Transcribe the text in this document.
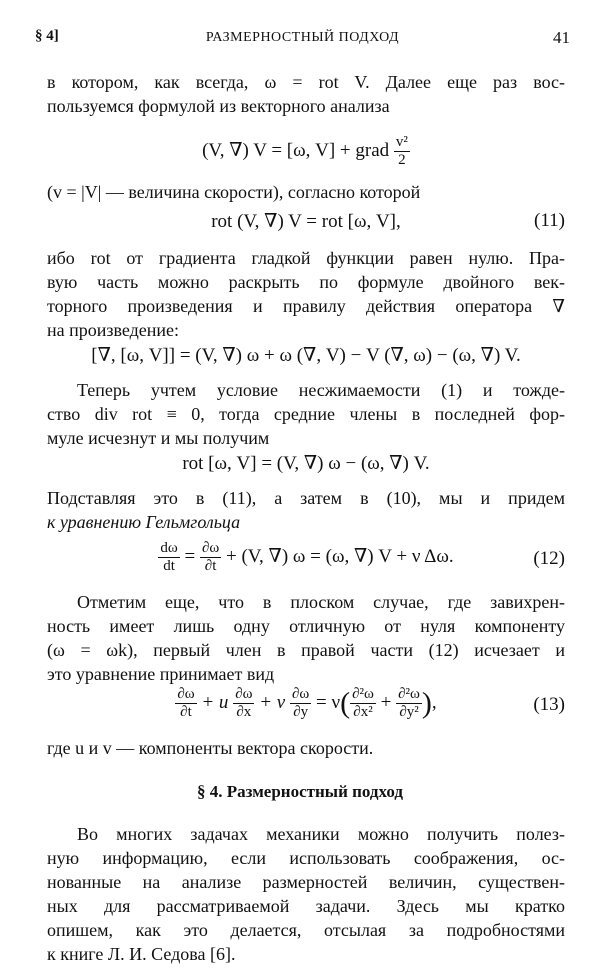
§ 4]	РАЗМЕРНОСТНЫЙ ПОДХОД	41
в котором, как всегда, ω = rot V. Далее еще раз вос-
пользуемся формулой из векторного анализа
(V, ∇) V = [ω, V] + grad $\frac{\text{v²}}{2}$
(v = |V| — величина скорости), согласно которой
rot (V, ∇) V = rot [ω, V],	(11)
ибо rot от градиента гладкой функции равен нулю. Пра-
вую часть можно раскрыть по формуле двойного век-
торного произведения и правилу действия оператора ∇
на произведение:
[∇, [ω, V]] = (V, ∇) ω + ω (∇, V) − V (∇, ω) − (ω, ∇) V.
Теперь учтем условие несжимаемости (1) и тожде-
ство div rot ≡ 0, тогда средние члены в последней фор-
муле исчезнут и мы получим
rot [ω, V] = (V, ∇) ω − (ω, ∇) V.
Подставляя это в (11), а затем в (10), мы и придем
к уравнению Гельмгольца
$\frac{d\omega}{dt} = \frac{\partial\omega}{\partial t} + (V$, ∇) ω = (ω, ∇) V + ν Δω.	(12)
Отметим еще, что в плоском случае, где завихрен-
ность имеет лишь одну отличную от нуля компоненту
(ω = ωk), первый член в правой части (12) исчезает и
это уравнение принимает вид
$\frac{\partial\omega}{\partial t} + u \frac{\partial\omega}{\partial x} + v \frac{\partial\omega}{\partial y} = \nu( \frac{\text{∂²ω}}{\text{∂x²}} + \frac{\text{∂²ω}}{\text{∂y²}}$ ),	(13)
где u и v — компоненты вектора скорости.
§ 4. Размерностный подход
Во многих задачах механики можно получить полез-
ную информацию, если использовать соображения, ос-
нованные на анализе размерностей величин, существен-
ных для рассматриваемой задачи. Здесь мы кратко
опишем, как это делается, отсылая за подробностями
к книге Л. И. Седова [6].
